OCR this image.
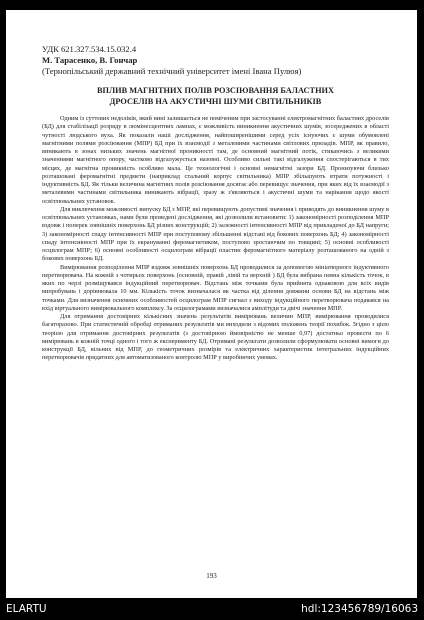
УДК 621.327.534.15.032.4

М. Тарасенко, В. Гончар

(Тернопільський державний технічний університет імені Івана Пулюя)

ВПЛИВ МАГНІТНИХ ПОЛІВ РОЗСІЮВАННЯ БАЛАСТНИХ
ДРОСЕЛІВ НА АКУСТИЧНІ ШУМИ СВІТИЛЬНИКІВ

Одним із суттєвих недоліків, який нині залишається не поміченим при застосуванні електромагнітних баластних дроселів (БД) для стабілізації розряду в люмінесцентних лампах, є можливість виникнення акустичних шумів, зосереджених в області чутності людського вуха. Як показали наші дослідження, найпоширенішими серед усіх існуючих є шуми обумовлені магнітними полями розсіювання (МПР) БД при їх взаємодії з металевими частинами світлових приладів. МПР, як правило, виникають в зонах низьких значень магнітної проникності там, де основний магнітний потік, стикаючись з великими значеннями магнітного опору, частково відгалужується назовні. Особливо сильні такі відгалуження спостерігаються в тих місцях, де магнітна проникність особливо мала. Це технологічні і основні немагнітні зазори БД. Пронизуючи близько розташовані феромагнітні предмети (наприклад стальний корпус світильника) МПР збільшують втрати потужності і індуктивність БД. Як тільки величина магнітних полів розсіювання досягає або перевищує значення, при яких від їх взаємодії з металевими частинами світильника виникають вібрації, зразу ж з'являються і акустичні шуми та нарікання щодо якості освітлювальних установок.

Для виключення можливості випуску БД з МПР, які перевищують допустимі значення і приводять до виникнення шуму в освітлювальних установках, нами були проведені дослідження, які дозволили встановити: 1) закономірності розподілення МПР вздовж і поперек зовнішніх поверхонь БД різних конструкцій; 2) залежності інтенсивності МПР від прикладеної до БД напруги; 3) закономірності спаду інтенсивності МПР при поступовому збільшенні відстані від бокових поверхонь БД; 4) закономірності спаду інтенсивності МПР при їх екрануванні феромагнетиком, поступово зростаючим по товщині; 5) основні особливості осцилограм МПР; 6) основні особливості осцилограм вібрації пластин феромагнітного матеріалу розташованого на одній з бокових поверхонь БД.

Вимірювання розподілення МПР вздовж зовнішніх поверхонь БД проводилися за допомогою мініатюрного індуктивного перетворювача. На кожній з чотирьох поверхонь (основній, правій ,лівій та верхній ) БД була вибрана певна кількість точок, в яких по черзі розміщувався індукційний перетворювач. Відстань між точками була прийнята однаковою для всіх видів випробувань і дорівнювала 10 мм. Кількість точок визначалася як частка від ділення довжини основи БД на відстань між точками. Для визначення основних особливостей осцилограм МПР сигнал з виходу індукційного перетворювача подавався на вхід віртуального вимірювального комплексу. За осцилограмами визначалися амплітуди та двічі значення МПР.

Для отримання достовірних кількісних значень результатів вимірювань величин МПР, вимірювання проводилися багаторазово. При статистичній обробці отриманих результатів ми виходили з відомих положень теорії похибок. Згідно з цією теорією для отримання достовірних результатів (з достовірною ймовірністю не менше 0,97) достатньо провести по 6 вимірювань в кожній точці одного і того ж експерименту БД. Отримані результати дозволили сформулювати основні вимоги до конструкції БД, вільних від МПР, до геометричних розмірів та електричних характеристик інтегральних індукційних перетворювачів придатних для автоматизованого контролю МПР у виробничих умовах.

193
ELARTU	hdl:123456789/16063
